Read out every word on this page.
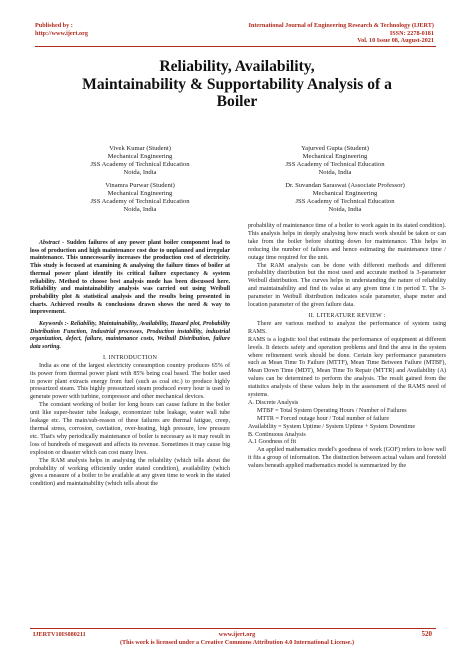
Published by :
http://www.ijert.org
International Journal of Engineering Research & Technology (IJERT)
ISSN: 2278-0181
Vol. 10 Issue 08, August-2021
Reliability, Availability,
Maintainability & Supportability Analysis of a
Boiler
Vivek Kumar (Student)
Mechanical Engineering
JSS Academy of Technical Education
Noida, India
Yajurved Gupta (Student)
Mechanical Engineering
JSS Academy of Technical Education
Noida, India
Vinamra Purwar (Student)
Mechanical Engineering
JSS Academy of Technical Education
Noida, India
Dr. Suvandan Saraswat (Associate Professor)
Mechanical Engineering
JSS Academy of Technical Education
Noida, India

Abstract - Sudden failures of any power plant boiler component lead to loss of production and high maintenance cost due to unplanned and irregular maintenance. This unnecessarily increases the production cost of electricity. This study is focused at examining & analysing the failure times of boiler at thermal power plant identify its critical failure expectancy & system reliability. Method to choose best analysis mode has been discussed here. Reliability and maintainability analysis was carried out using Weibull probability plot & statistical analysis and the results being presented in charts. Achieved results & conclusions drawn shows the need & way to improvement.

Keywords :- Reliability, Maintainability, Availability, Hazard plot, Probability Distribution Function, Industrial processes, Production instability, industrial organization, defect, failure, maintenance costs, Weibull Distribution, failure data sorting.

I. INTRODUCTION

India as one of the largest electricity consumption country produces 65% of its power from thermal power plant with 85% being coal based. The boiler used in power plant extracts energy from fuel (such as coal etc.) to produce highly pressurized steam. This highly pressurized steam produced every hour is used to generate power with turbine, compressor and other mechanical devices.

The constant working of boiler for long hours can cause failure in the boiler unit like super-heater tube leakage, economizer tube leakage, water wall tube leakage etc. The main/sub-reason of these failures are thermal fatigue, creep, thermal stress, corrosion, cavitation, over-heating, high pressure, low pressure etc. That's why periodically maintenance of boiler is necessary as it may result in loss of hundreds of megawatt and affects its revenue. Sometimes it may cause big explosion or disaster which can cost many lives.

The RAM analysis helps in analysing the reliability (which tells about the probability of working efficiently under stated condition), availability (which gives a measure of a boiler to be available at any given time to work in the stated condition) and maintainability (which tells about the

probability of maintenance time of a boiler to work again in its stated condition). This analysis helps in deeply analysing how much work should be taken or can take from the boiler before shutting down for maintenance. This helps in reducing the number of failures and hence estimating the maintenance time / outage time required for the unit.

The RAM analysis can be done with different methods and different probability distribution but the most used and accurate method is 3-parameter Weibull distribution. The curves helps in understanding the nature of reliability and maintainability and find its value at any given time t in period T. The 3-parameter in Weibull distribution indicates scale parameter, shape meter and location parameter of the given failure data.

II. LITERATURE REVIEW :

There are various method to analyze the performance of system using RAMS.

RAMS is a logistic tool that estimate the performance of equipment at different levels. It detects safety and operation problems and find the area in the system where refinement work should be done. Certain key performance parameters such as Mean Time To Failure (MTTF), Mean Time Between Failure (MTBF), Mean Down Time (MDT), Mean Time To Repair (MTTR) and Availability (A) values can be determined to perform the analysis. The result gained from the statistics analysis of these values help in the assessment of the RAMS need of systems.

A. Discrete Analysis
MTBF = Total System Operating Hours / Number of Failures
MTTR = Forced outage hour / Total number of failure
Availability = System Uptime / System Uptime + System Downtime
B. Continuous Analysis
A.1 Goodness of fit

An applied mathematics model's goodness of work (GOF) refers to how well it fits a group of information. The distinction between actual values and foretold values beneath applied mathematics model is summarized by the

IJERTV10IS080211	www.ijert.org
(This work is licensed under a Creative Commons Attribution 4.0 International License.)
520
